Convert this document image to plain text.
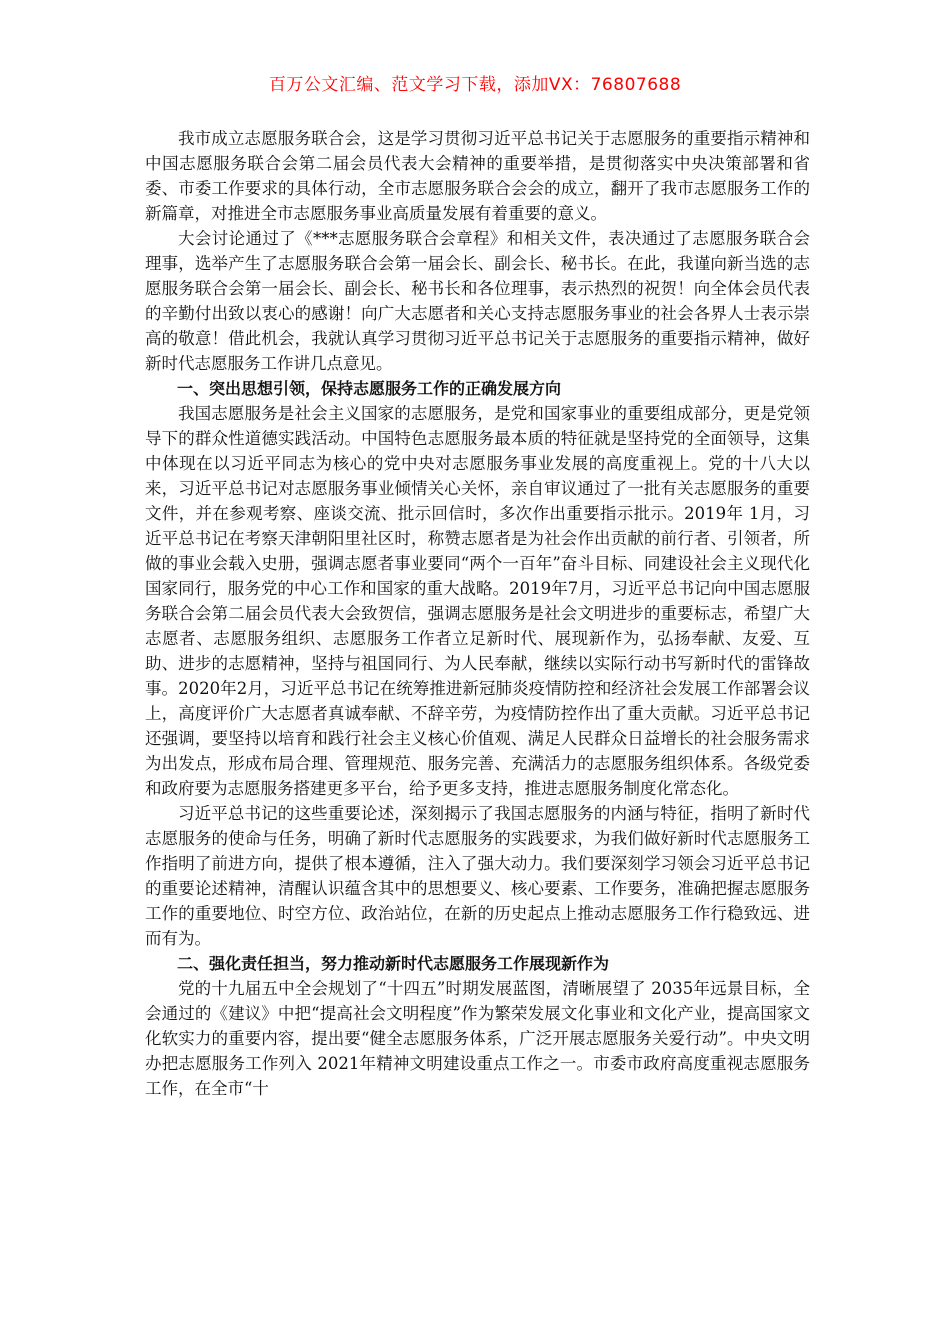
百万公文汇编、范文学习下载，添加VX：76807688

我市成立志愿服务联合会，这是学习贯彻习近平总书记关于志愿服务的重要指示精神和中国志愿服务联合会第二届会员代表大会精神的重要举措，是贯彻落实中央决策部署和省委、市委工作要求的具体行动，全市志愿服务联合会会的成立，翻开了我市志愿服务工作的新篇章，对推进全市志愿服务事业高质量发展有着重要的意义。

大会讨论通过了《***志愿服务联合会章程》和相关文件，表决通过了志愿服务联合会理事，选举产生了志愿服务联合会第一届会长、副会长、秘书长。在此，我谨向新当选的志愿服务联合会第一届会长、副会长、秘书长和各位理事，表示热烈的祝贺！向全体会员代表的辛勤付出致以衷心的感谢！向广大志愿者和关心支持志愿服务事业的社会各界人士表示崇高的敬意！借此机会，我就认真学习贯彻习近平总书记关于志愿服务的重要指示精神，做好新时代志愿服务工作讲几点意见。

一、突出思想引领，保持志愿服务工作的正确发展方向

我国志愿服务是社会主义国家的志愿服务，是党和国家事业的重要组成部分，更是党领导下的群众性道德实践活动。中国特色志愿服务最本质的特征就是坚持党的全面领导，这集中体现在以习近平同志为核心的党中央对志愿服务事业发展的高度重视上。党的十八大以来，习近平总书记对志愿服务事业倾情关心关怀，亲自审议通过了一批有关志愿服务的重要文件，并在参观考察、座谈交流、批示回信时，多次作出重要指示批示。2019年 1月，习近平总书记在考察天津朝阳里社区时，称赞志愿者是为社会作出贡献的前行者、引领者，所做的事业会载入史册，强调志愿者事业要同“两个一百年”奋斗目标、同建设社会主义现代化国家同行，服务党的中心工作和国家的重大战略。2019年7月，习近平总书记向中国志愿服务联合会第二届会员代表大会致贺信，强调志愿服务是社会文明进步的重要标志，希望广大志愿者、志愿服务组织、志愿服务工作者立足新时代、展现新作为，弘扬奉献、友爱、互助、进步的志愿精神，坚持与祖国同行、为人民奉献，继续以实际行动书写新时代的雷锋故事。2020年2月，习近平总书记在统筹推进新冠肺炎疫情防控和经济社会发展工作部署会议上，高度评价广大志愿者真诚奉献、不辞辛劳，为疫情防控作出了重大贡献。习近平总书记还强调，要坚持以培育和践行社会主义核心价值观、满足人民群众日益增长的社会服务需求为出发点，形成布局合理、管理规范、服务完善、充满活力的志愿服务组织体系。各级党委和政府要为志愿服务搭建更多平台，给予更多支持，推进志愿服务制度化常态化。

习近平总书记的这些重要论述，深刻揭示了我国志愿服务的内涵与特征，指明了新时代志愿服务的使命与任务，明确了新时代志愿服务的实践要求，为我们做好新时代志愿服务工作指明了前进方向，提供了根本遵循，注入了强大动力。我们要深刻学习领会习近平总书记的重要论述精神，清醒认识蕴含其中的思想要义、核心要素、工作要务，准确把握志愿服务工作的重要地位、时空方位、政治站位，在新的历史起点上推动志愿服务工作行稳致远、进而有为。

二、强化责任担当，努力推动新时代志愿服务工作展现新作为

党的十九届五中全会规划了“十四五”时期发展蓝图，清晰展望了 2035年远景目标，全会通过的《建议》中把“提高社会文明程度”作为繁荣发展文化事业和文化产业，提高国家文化软实力的重要内容，提出要“健全志愿服务体系，广泛开展志愿服务关爱行动”。中央文明办把志愿服务工作列入 2021年精神文明建设重点工作之一。市委市政府高度重视志愿服务工作，在全市“十
